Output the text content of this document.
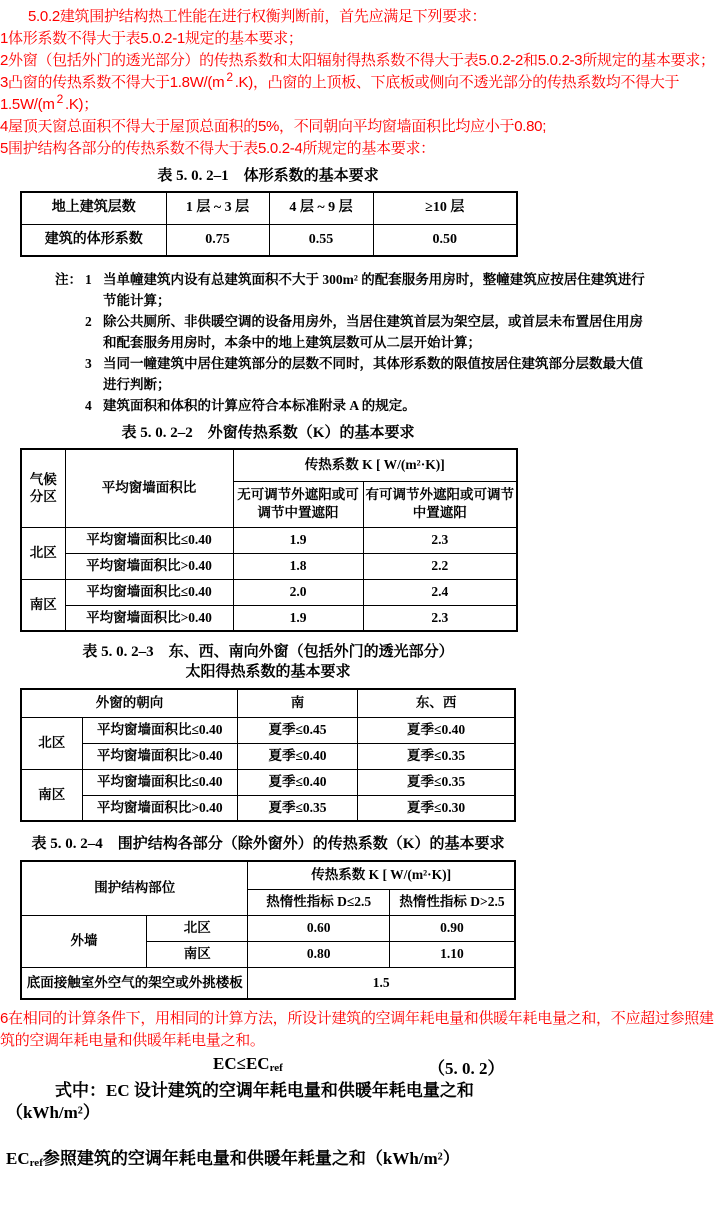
5.0.2建筑围护结构热工性能在进行权衡判断前，首先应满足下列要求：
1体形系数不得大于表5.0.2-1规定的基本要求；
2外窗（包括外门的透光部分）的传热系数和太阳辐射得热系数不得大于表5.0.2-2和5.0.2-3所规定的基本要求；
3凸窗的传热系数不得大于1.8W/(m $^2$ .K)，凸窗的上顶板、下底板或侧向不透光部分的传热系数均不得大于1.5W/(m $^2$ .K)；
4屋顶天窗总面积不得大于屋顶总面积的5%，不同朝向平均窗墙面积比均应小于0.80;
5围护结构各部分的传热系数不得大于表5.0.2-4所规定的基本要求：
表 5. 0. 2–1　体形系数的基本要求
地上建筑层数	1 层 ~ 3 层	4 层 ~ 9 层	≥10 层
建筑的体形系数	0.75	0.55	0.50
注： 1 当单幢建筑内设有总建筑面积不大于 300m² 的配套服务用房时，整幢建筑应按居住建筑进行节能计算；
2 除公共厕所、非供暖空调的设备用房外，当居住建筑首层为架空层，或首层未布置居住用房和配套服务用房时，本条中的地上建筑层数可从二层开始计算；
3 当同一幢建筑中居住建筑部分的层数不同时，其体形系数的限值按居住建筑部分层数最大值进行判断；
4 建筑面积和体积的计算应符合本标准附录 A 的规定。
表 5. 0. 2–2　外窗传热系数（K）的基本要求
气候分区	平均窗墙面积比	传热系数 K [ W/(m²·K)]	
		无可调节外遮阳或可调节中置遮阳	有可调节外遮阳或可调节中置遮阳
北区	平均窗墙面积比≤0.40	1.9	2.3
	平均窗墙面积比>0.40	1.8	2.2
南区	平均窗墙面积比≤0.40	2.0	2.4
	平均窗墙面积比>0.40	1.9	2.3
表 5. 0. 2–3　东、西、南向外窗（包括外门的透光部分）
太阳得热系数的基本要求
外窗的朝向		南	东、西
北区	平均窗墙面积比≤0.40	夏季≤0.45	夏季≤0.40
	平均窗墙面积比>0.40	夏季≤0.40	夏季≤0.35
南区	平均窗墙面积比≤0.40	夏季≤0.40	夏季≤0.35
	平均窗墙面积比>0.40	夏季≤0.35	夏季≤0.30
表 5. 0. 2–4　围护结构各部分（除外窗外）的传热系数（K）的基本要求
围护结构部位		传热系数 K [ W/(m²·K)]	
		热惰性指标 D≤2.5	热惰性指标 D>2.5
外墙	北区	0.60	0.90
	南区	0.80	1.10
底面接触室外空气的架空或外挑楼板		1.5	
6在相同的计算条件下，用相同的计算方法，所设计建筑的空调年耗电量和供暖年耗电量之和，不应超过参照建筑的空调年耗电量和供暖年耗电量之和。
$EC\le EC_{ref}$	（5. 0. 2）
式中：EC 设计建筑的空调年耗电量和供暖年耗电量之和
（kWh/m²）
$EC_{ref}$参照建筑的空调年耗电量和供暖年耗量之和（kWh/m²）
